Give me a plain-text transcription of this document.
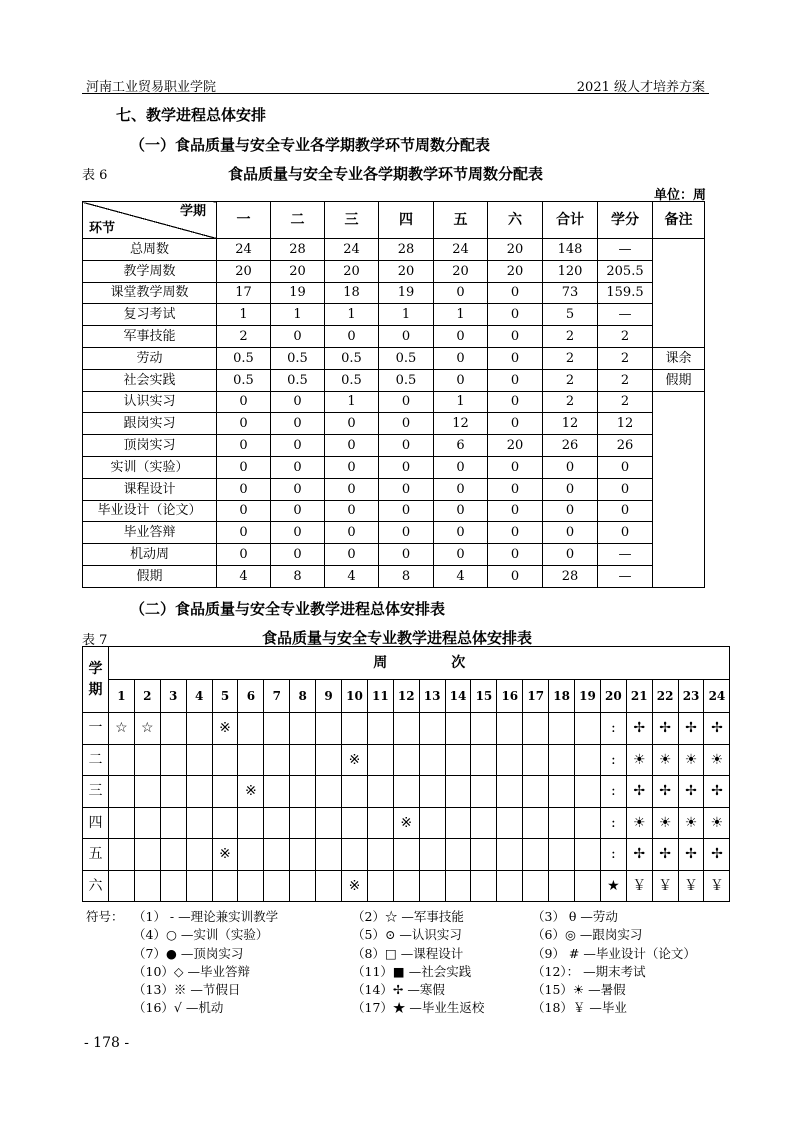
河南工业贸易职业学院	2021 级人才培养方案
七、教学进程总体安排
（一）食品质量与安全专业各学期教学环节周数分配表
表 6	食品质量与安全专业各学期教学环节周数分配表
单位：周
学期
环节	一	二	三	四	五	六	合计	学分	备注
总周数	24	28	24	28	24	20	148	—	
教学周数	20	20	20	20	20	20	120	205.5	
课堂教学周数	17	19	18	19	0	0	73	159.5	
复习考试	1	1	1	1	1	0	5	—	
军事技能	2	0	0	0	0	0	2	2	
劳动	0.5	0.5	0.5	0.5	0	0	2	2	课余
社会实践	0.5	0.5	0.5	0.5	0	0	2	2	假期
认识实习	0	0	1	0	1	0	2	2	
跟岗实习	0	0	0	0	12	0	12	12	
顶岗实习	0	0	0	0	6	20	26	26	
实训（实验）	0	0	0	0	0	0	0	0	
课程设计	0	0	0	0	0	0	0	0	
毕业设计（论文）	0	0	0	0	0	0	0	0	
毕业答辩	0	0	0	0	0	0	0	0	
机动周	0	0	0	0	0	0	0	—	
假期	4	8	4	8	4	0	28	—	
（二）食品质量与安全专业教学进程总体安排表
表 7	食品质量与安全专业教学进程总体安排表
学
期	周 次																							
	1	2	3	4	5	6	7	8	9	10	11	12	13	14	15	16	17	18	19	20	21	22	23	24
一	☆	☆			※															:	✢	✢	✢	✢
二										※										:	☀	☀	☀	☀
三						※														:	✢	✢	✢	✢
四												※								:	☀	☀	☀	☀
五					※															:	✢	✢	✢	✢
六										※										★	￥	￥	￥	￥
符号： （1） - —理论兼实训教学	（2）☆ —军事技能	（3） θ —劳动
（4）○ —实训（实验）	（5）⊙ —认识实习	（6）◎ —跟岗实习
（7）● —顶岗实习	（8）□ —课程设计	（9） # —毕业设计（论文）
（10）◇ —毕业答辩	（11）■ —社会实践	（12）： —期末考试
（13）※ —节假日	（14）✢ —寒假	（15）☀ —暑假
（16）√ —机动	（17）★ —毕业生返校	（18）￥ —毕业
- 178 -
